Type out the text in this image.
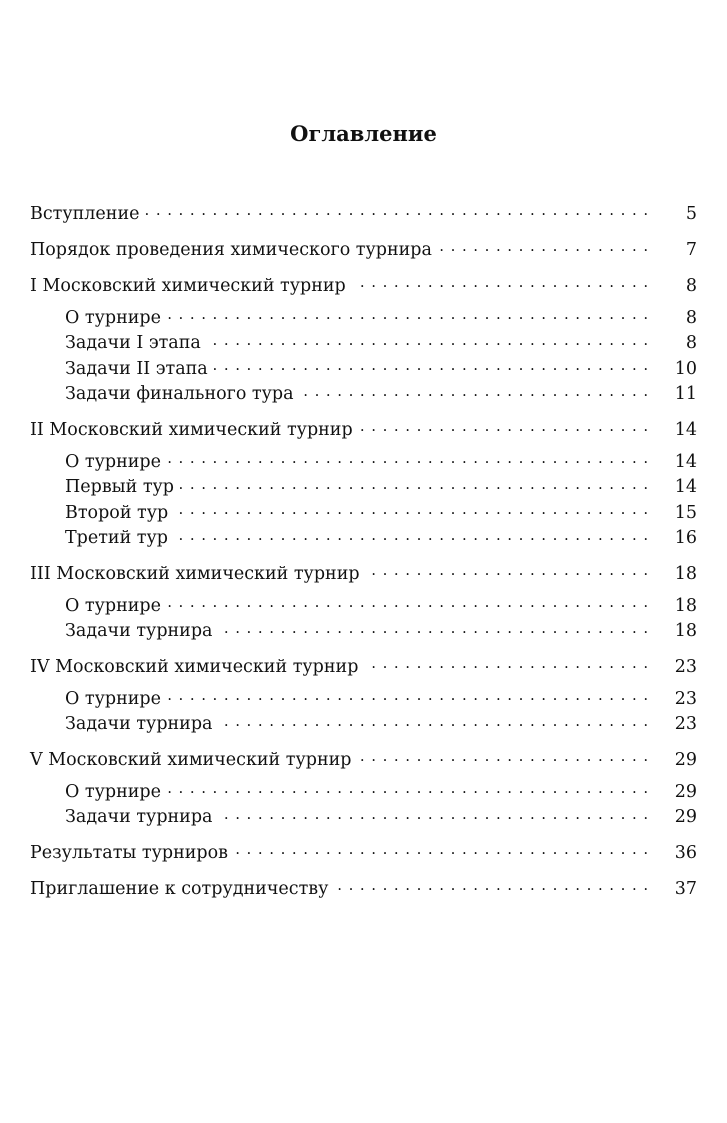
Оглавление
Вступление . . .	5
Порядок проведения химического турнира . . .	7
I Московский химический турнир . . .	8
О турнире . . .	8
Задачи I этапа . . .	8
Задачи II этапа . . .	10
Задачи финального тура . . .	11
II Московский химический турнир . . .	14
О турнире . . .	14
Первый тур . . .	14
Второй тур . . .	15
Третий тур . . .	16
III Московский химический турнир . . .	18
О турнире . . .	18
Задачи турнира . . .	18
IV Московский химический турнир . . .	23
О турнире . . .	23
Задачи турнира . . .	23
V Московский химический турнир . . .	29
О турнире . . .	29
Задачи турнира . . .	29
Результаты турниров . . .	36
Приглашение к сотрудничеству . . .	37
